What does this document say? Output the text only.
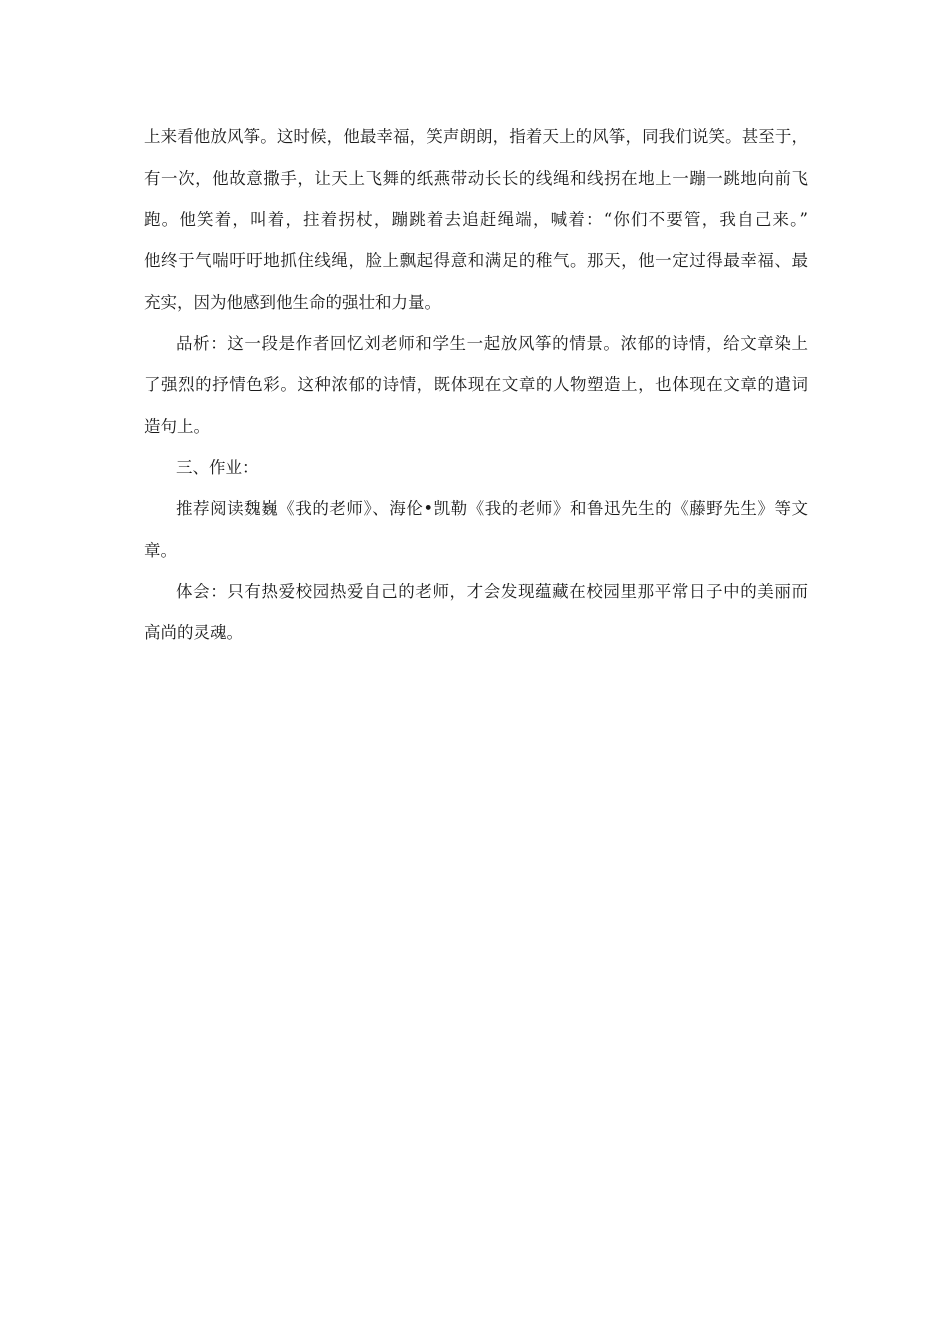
上来看他放风筝。这时候，他最幸福，笑声朗朗，指着天上的风筝，同我们说笑。甚至于，
有一次，他故意撒手，让天上飞舞的纸燕带动长长的线绳和线拐在地上一蹦一跳地向前飞
跑。他笑着，叫着，拄着拐杖，蹦跳着去追赶绳端，喊着：“你们不要管，我自己来。”
他终于气喘吁吁地抓住线绳，脸上飘起得意和满足的稚气。那天，他一定过得最幸福、最
充实，因为他感到他生命的强壮和力量。
品析：这一段是作者回忆刘老师和学生一起放风筝的情景。浓郁的诗情，给文章染上
了强烈的抒情色彩。这种浓郁的诗情，既体现在文章的人物塑造上，也体现在文章的遣词
造句上。
三、作业：
推荐阅读魏巍《我的老师》、海伦•凯勒《我的老师》和鲁迅先生的《藤野先生》等文
章。
体会：只有热爱校园热爱自己的老师，才会发现蕴藏在校园里那平常日子中的美丽而
高尚的灵魂。
